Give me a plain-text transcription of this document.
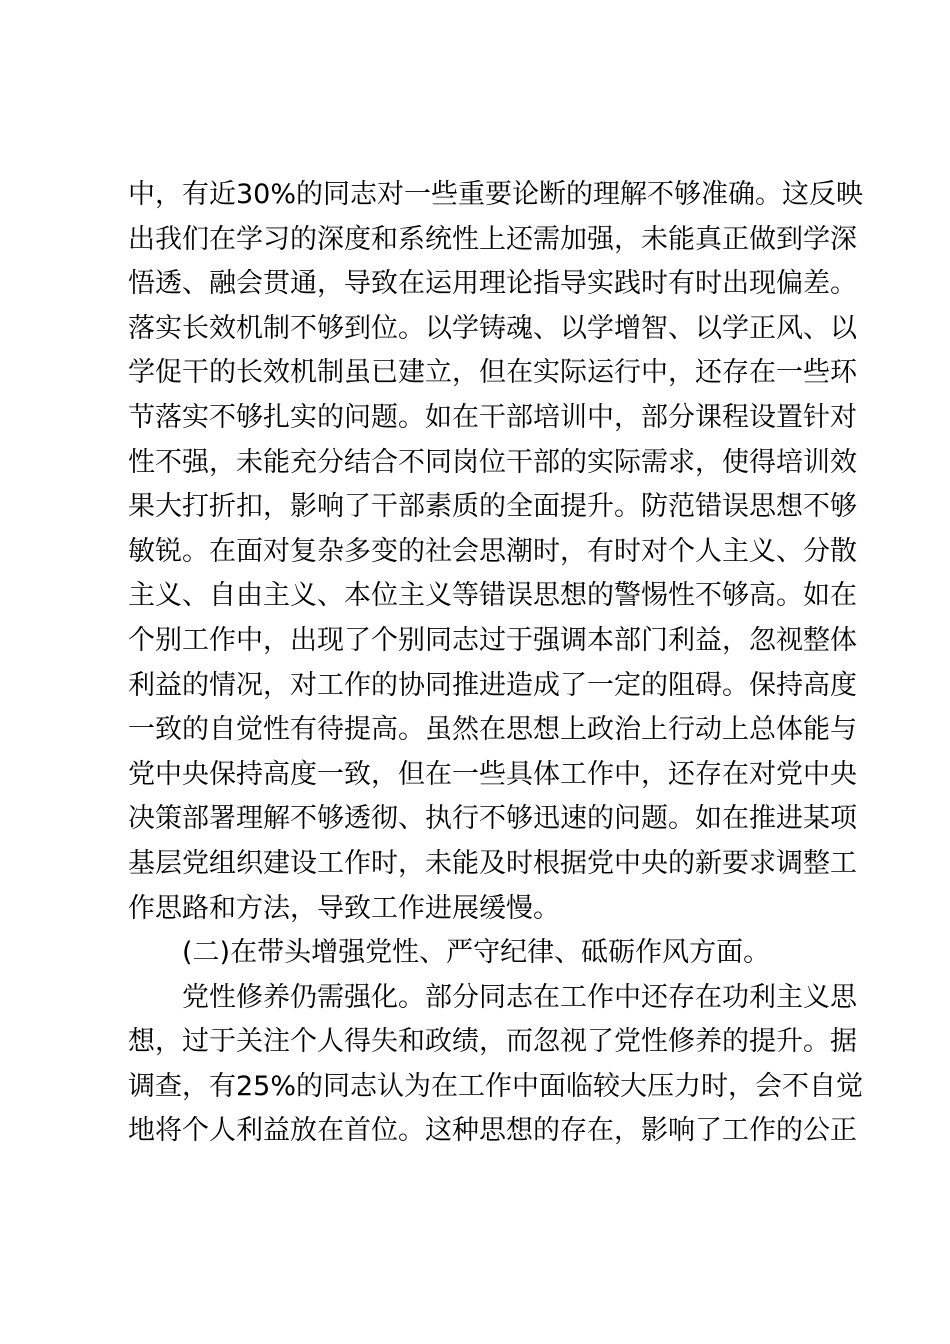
中，有近30%的同志对一些重要论断的理解不够准确。这反映
出我们在学习的深度和系统性上还需加强，未能真正做到学深
悟透、融会贯通，导致在运用理论指导实践时有时出现偏差。
落实长效机制不够到位。以学铸魂、以学增智、以学正风、以
学促干的长效机制虽已建立，但在实际运行中，还存在一些环
节落实不够扎实的问题。如在干部培训中，部分课程设置针对
性不强，未能充分结合不同岗位干部的实际需求，使得培训效
果大打折扣，影响了干部素质的全面提升。防范错误思想不够
敏锐。在面对复杂多变的社会思潮时，有时对个人主义、分散
主义、自由主义、本位主义等错误思想的警惕性不够高。如在
个别工作中，出现了个别同志过于强调本部门利益，忽视整体
利益的情况，对工作的协同推进造成了一定的阻碍。保持高度
一致的自觉性有待提高。虽然在思想上政治上行动上总体能与
党中央保持高度一致，但在一些具体工作中，还存在对党中央
决策部署理解不够透彻、执行不够迅速的问题。如在推进某项
基层党组织建设工作时，未能及时根据党中央的新要求调整工
作思路和方法，导致工作进展缓慢。
(二)在带头增强党性、严守纪律、砥砺作风方面。
党性修养仍需强化。部分同志在工作中还存在功利主义思
想，过于关注个人得失和政绩，而忽视了党性修养的提升。据
调查，有25%的同志认为在工作中面临较大压力时，会不自觉
地将个人利益放在首位。这种思想的存在，影响了工作的公正
